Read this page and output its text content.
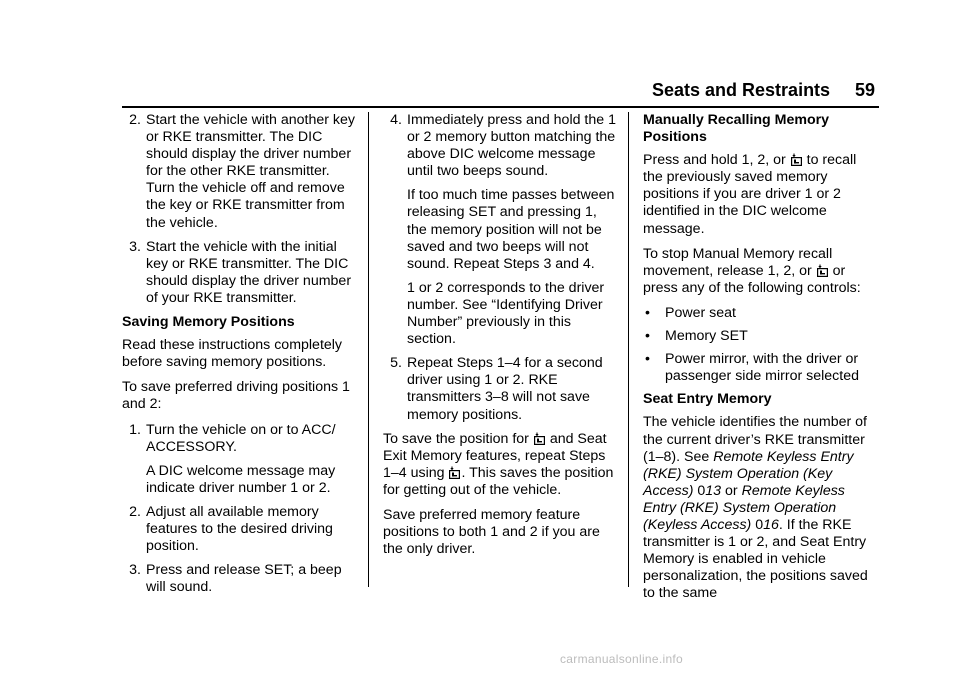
Seats and Restraints 59
2. Start the vehicle with another key or RKE transmitter. The DIC should display the driver number for the other RKE transmitter. Turn the vehicle off and remove the key or RKE transmitter from the vehicle.
3. Start the vehicle with the initial key or RKE transmitter. The DIC should display the driver number of your RKE transmitter.
Saving Memory Positions

Read these instructions completely before saving memory positions.

To save preferred driving positions 1 and 2:

1. Turn the vehicle on or to ACC/ ACCESSORY.
A DIC welcome message may indicate driver number 1 or 2.
2. Adjust all available memory features to the desired driving position.
3. Press and release SET; a beep will sound.
4. Immediately press and hold the 1 or 2 memory button matching the above DIC welcome message until two beeps sound.
If too much time passes between releasing SET and pressing 1, the memory position will not be saved and two beeps will not sound. Repeat Steps 3 and 4.
1 or 2 corresponds to the driver number. See “Identifying Driver Number” previously in this section.
5. Repeat Steps 1–4 for a second driver using 1 or 2. RKE transmitters 3–8 will not save memory positions.

To save the position for and Seat Exit Memory features, repeat Steps 1–4 using . This saves the position for getting out of the vehicle.

Save preferred memory feature positions to both 1 and 2 if you are the only driver.

Manually Recalling Memory Positions

Press and hold 1, 2, or to recall the previously saved memory positions if you are driver 1 or 2 identified in the DIC welcome message.

To stop Manual Memory recall movement, release 1, 2, or or press any of the following controls:

•	Power seat
•	Memory SET
•	Power mirror, with the driver or passenger side mirror selected
Seat Entry Memory

The vehicle identifies the number of the current driver’s RKE transmitter (1–8). See Remote Keyless Entry (RKE) System Operation (Key Access) 013 or Remote Keyless Entry (RKE) System Operation (Keyless Access) 016. If the RKE transmitter is 1 or 2, and Seat Entry Memory is enabled in vehicle personalization, the positions saved to the same

carmanualsonline.info
